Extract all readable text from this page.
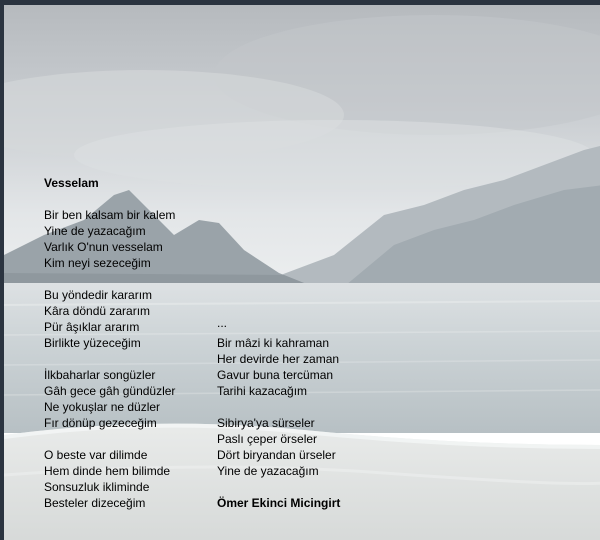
Vesselam
Bir ben kalsam bir kalem
Yine de yazacağım
Varlık O'nun vesselam
Kim neyi sezeceğim
Bu yöndedir kararım
Kâra döndü zararım
Pür âşıklar ararım
Birlikte yüzeceğim
İlkbaharlar songüzler
Gâh gece gâh gündüzler
Ne yokuşlar ne düzler
Fır dönüp gezeceğim
O beste var dilimde
Hem dinde hem bilimde
Sonsuzluk ikliminde
Besteler dizeceğim
...
Bir mâzi ki kahraman
Her devirde her zaman
Gavur buna tercüman
Tarihi kazacağım
Sibirya'ya sürseler
Paslı çeper örseler
Dört biryandan ürseler
Yine de yazacağım
Ömer Ekinci Micingirt
